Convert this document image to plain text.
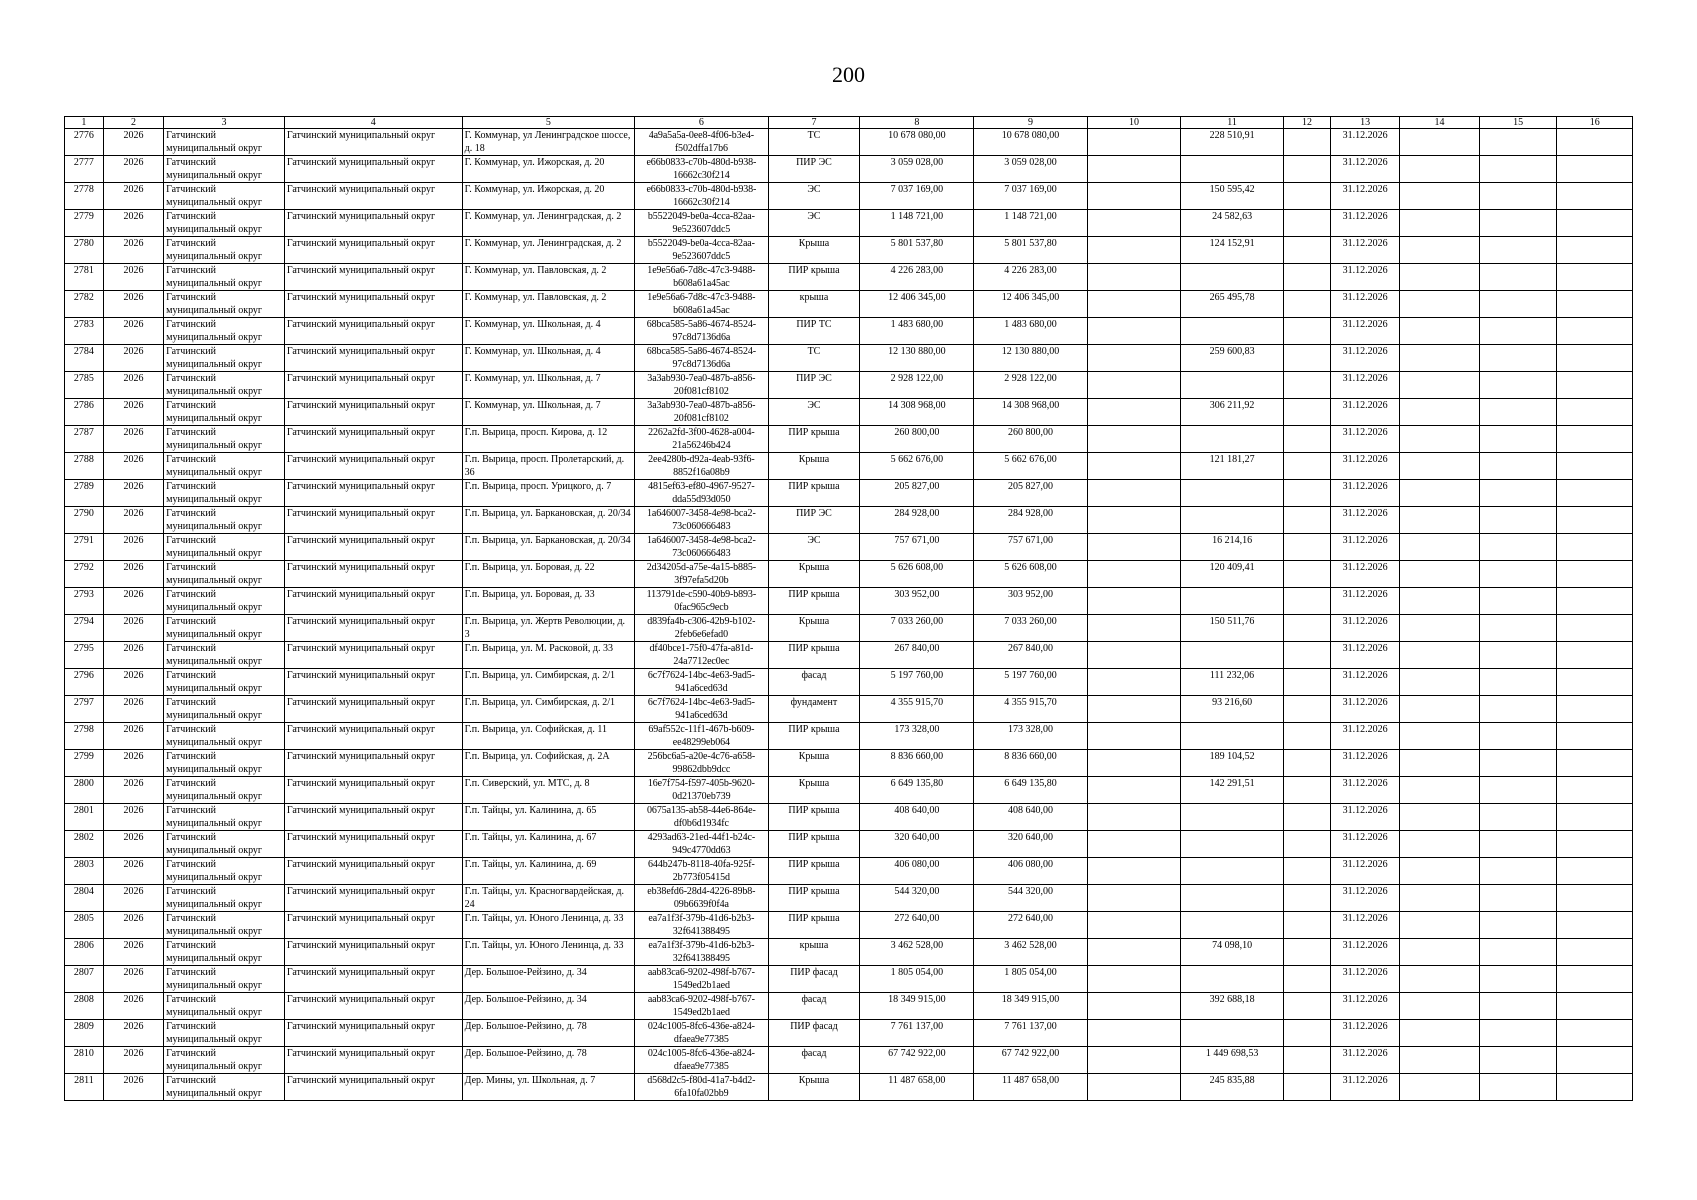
200
1	2	3	4	5	6	7	8	9	10	11	12	13	14	15	16
2776	2026	Гатчинский муниципальный округ	Гатчинский муниципальный округ	Г. Коммунар, ул Ленинградское шоссе, д. 18	4a9a5a5a-0ee8-4f06-b3e4-f502dffa17b6	ТС	10 678 080,00	10 678 080,00		228 510,91		31.12.2026			
2777	2026	Гатчинский муниципальный округ	Гатчинский муниципальный округ	Г. Коммунар, ул. Ижорская, д. 20	e66b0833-c70b-480d-b938-16662c30f214	ПИР ЭС	3 059 028,00	3 059 028,00				31.12.2026			
2778	2026	Гатчинский муниципальный округ	Гатчинский муниципальный округ	Г. Коммунар, ул. Ижорская, д. 20	e66b0833-c70b-480d-b938-16662c30f214	ЭС	7 037 169,00	7 037 169,00		150 595,42		31.12.2026			
2779	2026	Гатчинский муниципальный округ	Гатчинский муниципальный округ	Г. Коммунар, ул. Ленинградская, д. 2	b5522049-be0a-4cca-82aa-9e523607ddc5	ЭС	1 148 721,00	1 148 721,00		24 582,63		31.12.2026			
2780	2026	Гатчинский муниципальный округ	Гатчинский муниципальный округ	Г. Коммунар, ул. Ленинградская, д. 2	b5522049-be0a-4cca-82aa-9e523607ddc5	Крыша	5 801 537,80	5 801 537,80		124 152,91		31.12.2026			
2781	2026	Гатчинский муниципальный округ	Гатчинский муниципальный округ	Г. Коммунар, ул. Павловская, д. 2	1e9e56a6-7d8c-47c3-9488-b608a61a45ac	ПИР крыша	4 226 283,00	4 226 283,00				31.12.2026			
2782	2026	Гатчинский муниципальный округ	Гатчинский муниципальный округ	Г. Коммунар, ул. Павловская, д. 2	1e9e56a6-7d8c-47c3-9488-b608a61a45ac	крыша	12 406 345,00	12 406 345,00		265 495,78		31.12.2026			
2783	2026	Гатчинский муниципальный округ	Гатчинский муниципальный округ	Г. Коммунар, ул. Школьная, д. 4	68bca585-5a86-4674-8524-97c8d7136d6a	ПИР ТС	1 483 680,00	1 483 680,00				31.12.2026			
2784	2026	Гатчинский муниципальный округ	Гатчинский муниципальный округ	Г. Коммунар, ул. Школьная, д. 4	68bca585-5a86-4674-8524-97c8d7136d6a	ТС	12 130 880,00	12 130 880,00		259 600,83		31.12.2026			
2785	2026	Гатчинский муниципальный округ	Гатчинский муниципальный округ	Г. Коммунар, ул. Школьная, д. 7	3a3ab930-7ea0-487b-a856-20f081cf8102	ПИР ЭС	2 928 122,00	2 928 122,00				31.12.2026			
2786	2026	Гатчинский муниципальный округ	Гатчинский муниципальный округ	Г. Коммунар, ул. Школьная, д. 7	3a3ab930-7ea0-487b-a856-20f081cf8102	ЭС	14 308 968,00	14 308 968,00		306 211,92		31.12.2026			
2787	2026	Гатчинский муниципальный округ	Гатчинский муниципальный округ	Г.п. Вырица, просп. Кирова, д. 12	2262a2fd-3f00-4628-a004-21a56246b424	ПИР крыша	260 800,00	260 800,00				31.12.2026			
2788	2026	Гатчинский муниципальный округ	Гатчинский муниципальный округ	Г.п. Вырица, просп. Пролетарский, д. 36	2ee4280b-d92a-4eab-93f6-8852f16a08b9	Крыша	5 662 676,00	5 662 676,00		121 181,27		31.12.2026			
2789	2026	Гатчинский муниципальный округ	Гатчинский муниципальный округ	Г.п. Вырица, просп. Урицкого, д. 7	4815ef63-ef80-4967-9527-dda55d93d050	ПИР крыша	205 827,00	205 827,00				31.12.2026			
2790	2026	Гатчинский муниципальный округ	Гатчинский муниципальный округ	Г.п. Вырица, ул. Баркановская, д. 20/34	1a646007-3458-4e98-bca2-73c060666483	ПИР ЭС	284 928,00	284 928,00				31.12.2026			
2791	2026	Гатчинский муниципальный округ	Гатчинский муниципальный округ	Г.п. Вырица, ул. Баркановская, д. 20/34	1a646007-3458-4e98-bca2-73c060666483	ЭС	757 671,00	757 671,00		16 214,16		31.12.2026			
2792	2026	Гатчинский муниципальный округ	Гатчинский муниципальный округ	Г.п. Вырица, ул. Боровая, д. 22	2d34205d-a75e-4a15-b885-3f97efa5d20b	Крыша	5 626 608,00	5 626 608,00		120 409,41		31.12.2026			
2793	2026	Гатчинский муниципальный округ	Гатчинский муниципальный округ	Г.п. Вырица, ул. Боровая, д. 33	113791de-c590-40b9-b893-0fac965c9ecb	ПИР крыша	303 952,00	303 952,00				31.12.2026			
2794	2026	Гатчинский муниципальный округ	Гатчинский муниципальный округ	Г.п. Вырица, ул. Жертв Революции, д. 3	d839fa4b-c306-42b9-b102-2feb6e6efad0	Крыша	7 033 260,00	7 033 260,00		150 511,76		31.12.2026			
2795	2026	Гатчинский муниципальный округ	Гатчинский муниципальный округ	Г.п. Вырица, ул. М. Расковой, д. 33	df40bce1-75f0-47fa-a81d-24a7712ec0ec	ПИР крыша	267 840,00	267 840,00				31.12.2026			
2796	2026	Гатчинский муниципальный округ	Гатчинский муниципальный округ	Г.п. Вырица, ул. Симбирская, д. 2/1	6c7f7624-14bc-4e63-9ad5-941a6ced63d	фасад	5 197 760,00	5 197 760,00		111 232,06		31.12.2026			
2797	2026	Гатчинский муниципальный округ	Гатчинский муниципальный округ	Г.п. Вырица, ул. Симбирская, д. 2/1	6c7f7624-14bc-4e63-9ad5-941a6ced63d	фундамент	4 355 915,70	4 355 915,70		93 216,60		31.12.2026			
2798	2026	Гатчинский муниципальный округ	Гатчинский муниципальный округ	Г.п. Вырица, ул. Софийская, д. 11	69af552c-11f1-467b-b609-ee48299eb064	ПИР крыша	173 328,00	173 328,00				31.12.2026			
2799	2026	Гатчинский муниципальный округ	Гатчинский муниципальный округ	Г.п. Вырица, ул. Софийская, д. 2А	256bc6a5-a20e-4c76-a658-99862dbb9dcc	Крыша	8 836 660,00	8 836 660,00		189 104,52		31.12.2026			
2800	2026	Гатчинский муниципальный округ	Гатчинский муниципальный округ	Г.п. Сиверский, ул. МТС, д. 8	16e7f754-f597-405b-9620-0d21370eb739	Крыша	6 649 135,80	6 649 135,80		142 291,51		31.12.2026			
2801	2026	Гатчинский муниципальный округ	Гатчинский муниципальный округ	Г.п. Тайцы, ул. Калинина, д. 65	0675a135-ab58-44e6-864e-df0b6d1934fc	ПИР крыша	408 640,00	408 640,00				31.12.2026			
2802	2026	Гатчинский муниципальный округ	Гатчинский муниципальный округ	Г.п. Тайцы, ул. Калинина, д. 67	4293ad63-21ed-44f1-b24c-949c4770dd63	ПИР крыша	320 640,00	320 640,00				31.12.2026			
2803	2026	Гатчинский муниципальный округ	Гатчинский муниципальный округ	Г.п. Тайцы, ул. Калинина, д. 69	644b247b-8118-40fa-925f-2b773f05415d	ПИР крыша	406 080,00	406 080,00				31.12.2026			
2804	2026	Гатчинский муниципальный округ	Гатчинский муниципальный округ	Г.п. Тайцы, ул. Красногвардейская, д. 24	eb38efd6-28d4-4226-89b8-09b6639f0f4a	ПИР крыша	544 320,00	544 320,00				31.12.2026			
2805	2026	Гатчинский муниципальный округ	Гатчинский муниципальный округ	Г.п. Тайцы, ул. Юного Ленинца, д. 33	ea7a1f3f-379b-41d6-b2b3-32f641388495	ПИР крыша	272 640,00	272 640,00				31.12.2026			
2806	2026	Гатчинский муниципальный округ	Гатчинский муниципальный округ	Г.п. Тайцы, ул. Юного Ленинца, д. 33	ea7a1f3f-379b-41d6-b2b3-32f641388495	крыша	3 462 528,00	3 462 528,00		74 098,10		31.12.2026			
2807	2026	Гатчинский муниципальный округ	Гатчинский муниципальный округ	Дер. Большое-Рейзино, д. 34	aab83ca6-9202-498f-b767-1549ed2b1aed	ПИР фасад	1 805 054,00	1 805 054,00				31.12.2026			
2808	2026	Гатчинский муниципальный округ	Гатчинский муниципальный округ	Дер. Большое-Рейзино, д. 34	aab83ca6-9202-498f-b767-1549ed2b1aed	фасад	18 349 915,00	18 349 915,00		392 688,18		31.12.2026			
2809	2026	Гатчинский муниципальный округ	Гатчинский муниципальный округ	Дер. Большое-Рейзино, д. 78	024c1005-8fc6-436e-a824-dfaea9e77385	ПИР фасад	7 761 137,00	7 761 137,00				31.12.2026			
2810	2026	Гатчинский муниципальный округ	Гатчинский муниципальный округ	Дер. Большое-Рейзино, д. 78	024c1005-8fc6-436e-a824-dfaea9e77385	фасад	67 742 922,00	67 742 922,00		1 449 698,53		31.12.2026			
2811	2026	Гатчинский муниципальный округ	Гатчинский муниципальный округ	Дер. Мины, ул. Школьная, д. 7	d568d2c5-f80d-41a7-b4d2-6fa10fa02bb9	Крыша	11 487 658,00	11 487 658,00		245 835,88		31.12.2026			
